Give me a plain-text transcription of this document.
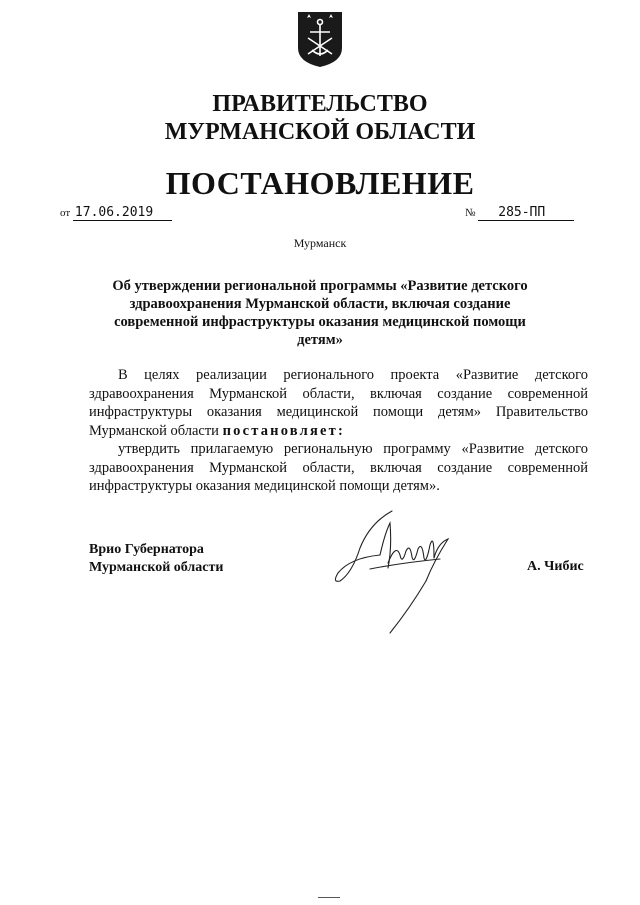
ПРАВИТЕЛЬСТВО
МУРМАНСКОЙ ОБЛАСТИ
ПОСТАНОВЛЕНИЕ
от 17.06.2019	№ 285-ПП
Мурманск
Об утверждении региональной программы «Развитие детского здравоохранения Мурманской области, включая создание современной инфраструктуры оказания медицинской помощи детям»

В целях реализации регионального проекта «Развитие детского здравоохранения Мурманской области, включая создание современной инфраструктуры оказания медицинской помощи детям» Правительство Мурманской области постановляет:

утвердить прилагаемую региональную программу «Развитие детского здравоохранения Мурманской области, включая создание современной инфраструктуры оказания медицинской помощи детям».

Врио Губернатора
Мурманской области	А. Чибис
